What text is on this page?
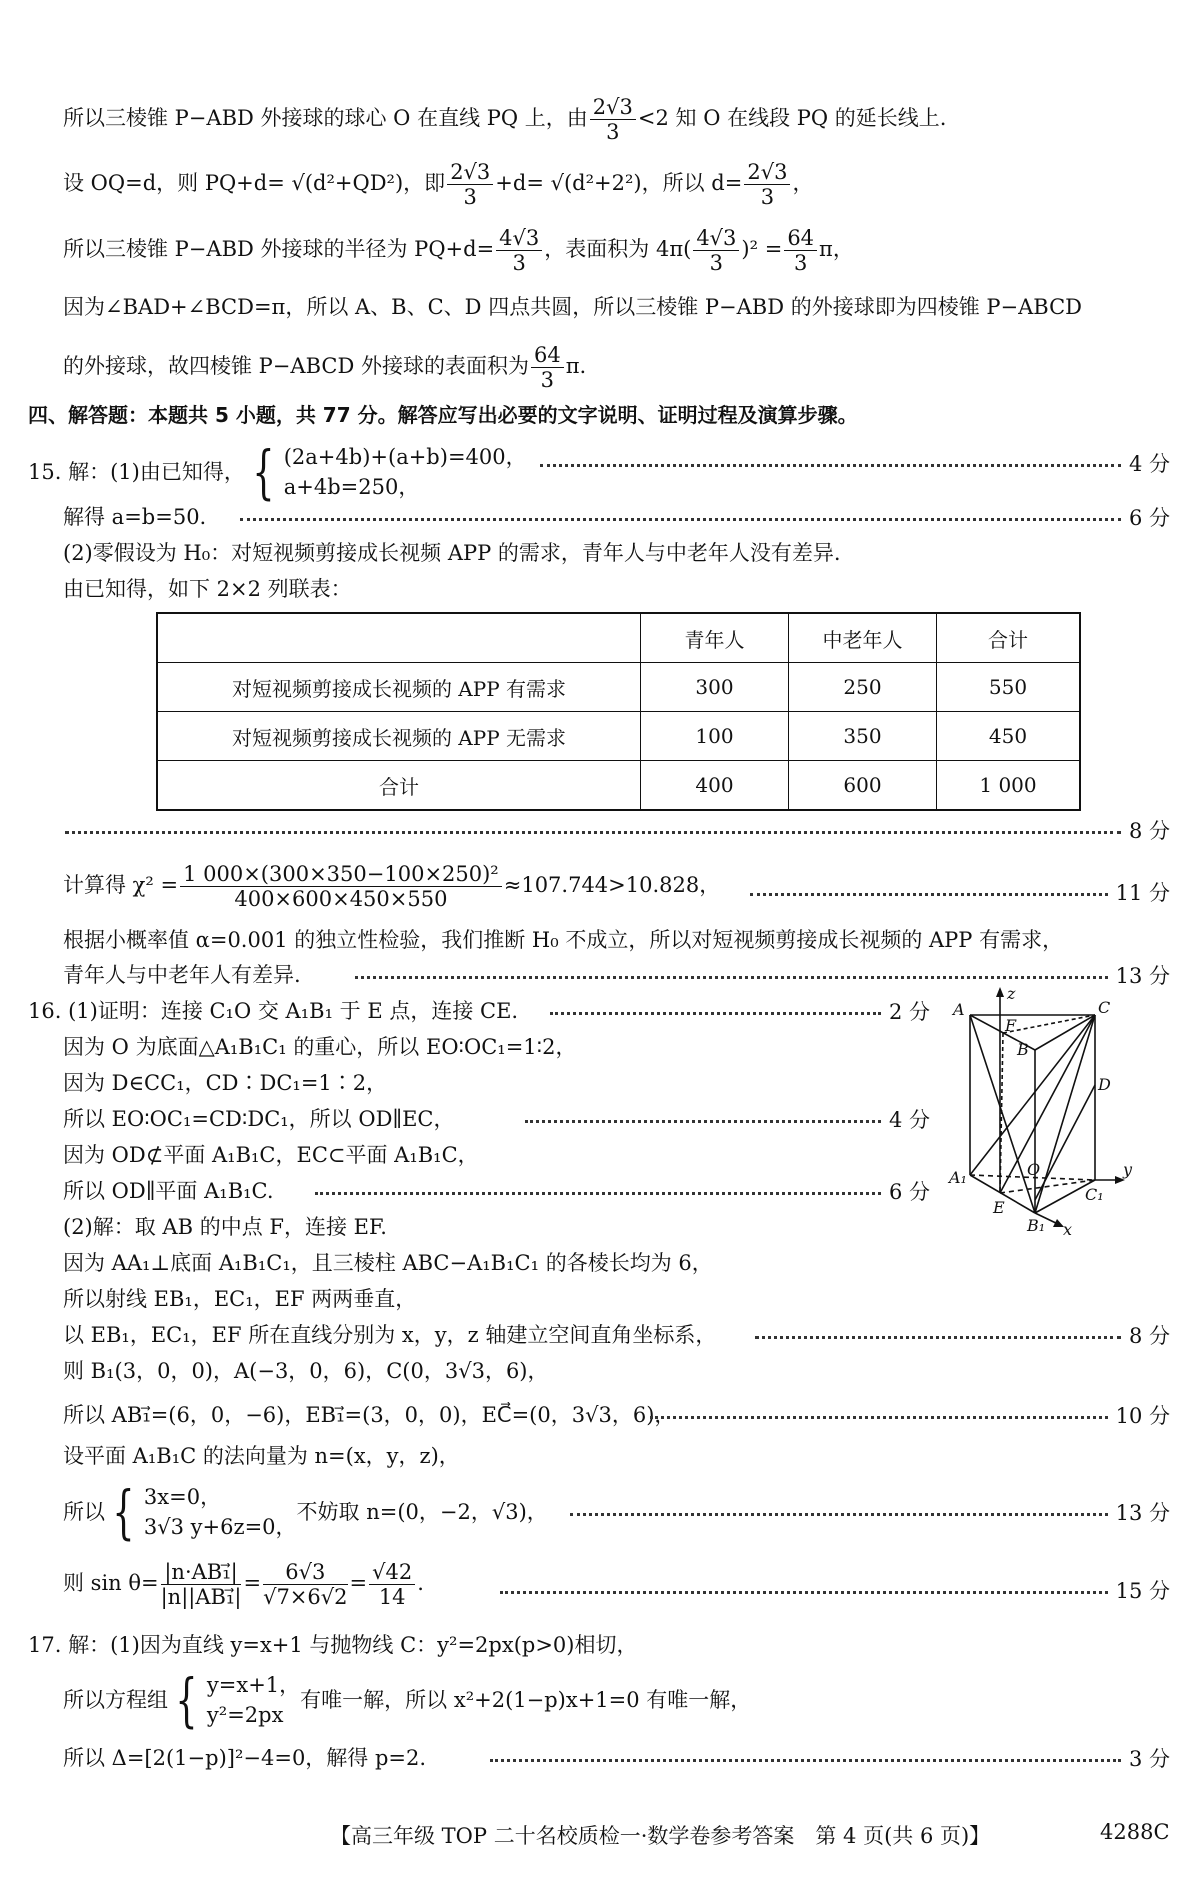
所以三棱锥 P−ABD 外接球的球心 O 在直线 PQ 上，由 $\frac{2√3}{3} <2$ 知 O 在线段 PQ 的延长线上.
设 OQ=d，则 PQ+d= √(d²+QD²)，即 $\frac{2√3}{3} +d= √(d^2+2^2)$，所以 $d= \frac{2√3}{3}$ ，
所以三棱锥 P−ABD 外接球的半径为 $PQ+d= \frac{4√3}{3}$ ，表面积为 $4\pi( \frac{4√3}{3} )^2 = \frac{64}{3}$ π，
因为∠BAD+∠BCD=π，所以 A、B、C、D 四点共圆，所以三棱锥 P−ABD 的外接球即为四棱锥 P−ABCD
的外接球，故四棱锥 P−ABCD 外接球的表面积为 $\frac{64}{3} \pi$.
四、解答题：本题共 5 小题，共 77 分。解答应写出必要的文字说明、证明过程及演算步骤。
15. 解：(1)由已知得， { (2a+4b)+(a+b)=400，
a+4b=250，
4 分
解得 a=b=50.	6 分
(2)零假设为 H₀：对短视频剪接成长视频 APP 的需求，青年人与中老年人没有差异.
由已知得，如下 2×2 列联表：
	青年人	中老年人	合计
对短视频剪接成长视频的 APP 有需求	300	250	550
对短视频剪接成长视频的 APP 无需求	100	350	450
合计	400	600	1 000
8 分
计算得 $\chi^2 = \frac{\text{1 000×(300×350−100×250)²}}{400\times 600\times 450\times 550} \approx 107.744>10.828$，	11 分
根据小概率值 α=0.001 的独立性检验，我们推断 H₀ 不成立，所以对短视频剪接成长视频的 APP 有需求，
青年人与中老年人有差异.	13 分
16. (1)证明：连接 C₁O 交 A₁B₁ 于 E 点，连接 CE.	2 分
因为 O 为底面△A₁B₁C₁ 的重心，所以 EO∶OC₁=1∶2，
因为 D∈CC₁，CD∶DC₁=1∶2，
所以 EO∶OC₁=CD∶DC₁，所以 OD∥EC，	4 分
因为 OD⊄平面 A₁B₁C，EC⊂平面 A₁B₁C，
所以 OD∥平面 A₁B₁C.	6 分
(2)解：取 AB 的中点 F，连接 EF.
因为 AA₁⊥底面 A₁B₁C₁，且三棱柱 ABC−A₁B₁C₁ 的各棱长均为 6，
所以射线 EB₁，EC₁，EF 两两垂直，
以 EB₁，EC₁，EF 所在直线分别为 x，y，z 轴建立空间直角坐标系，	8 分
则 B₁(3，0，0)，A(−3，0，6)，C(0，3√3，6)，
所以 AB₁⃗=(6，0，−6)，EB₁⃗=(3，0，0)，EC⃗=(0，3√3，6)，	10 分
设平面 A₁B₁C 的法向量为 n=(x，y，z)，
所以 { 3x=0，
3√3 y+6z=0，
不妨取 n=(0，−2，√3)，	13 分
则 $\sin \theta= \frac{\text{|n·AB₁⃗|}}{\text{|n||AB₁⃗|}} = \frac{6√3}{√7\times 6√2} = \frac{√42}{14}$ .	15 分
A	C
B
F
D
A₁
C₁
E
O
B₁
z
y
x
17. 解：(1)因为直线 y=x+1 与抛物线 C：y²=2px(p>0)相切，
所以方程组 { y=x+1，
y²=2px
有唯一解，所以 x²+2(1−p)x+1=0 有唯一解，
所以 Δ=[2(1−p)]²−4=0，解得 p=2.	3 分
【高三年级 TOP 二十名校质检一·数学卷参考答案　第 4 页(共 6 页)】	4288C
